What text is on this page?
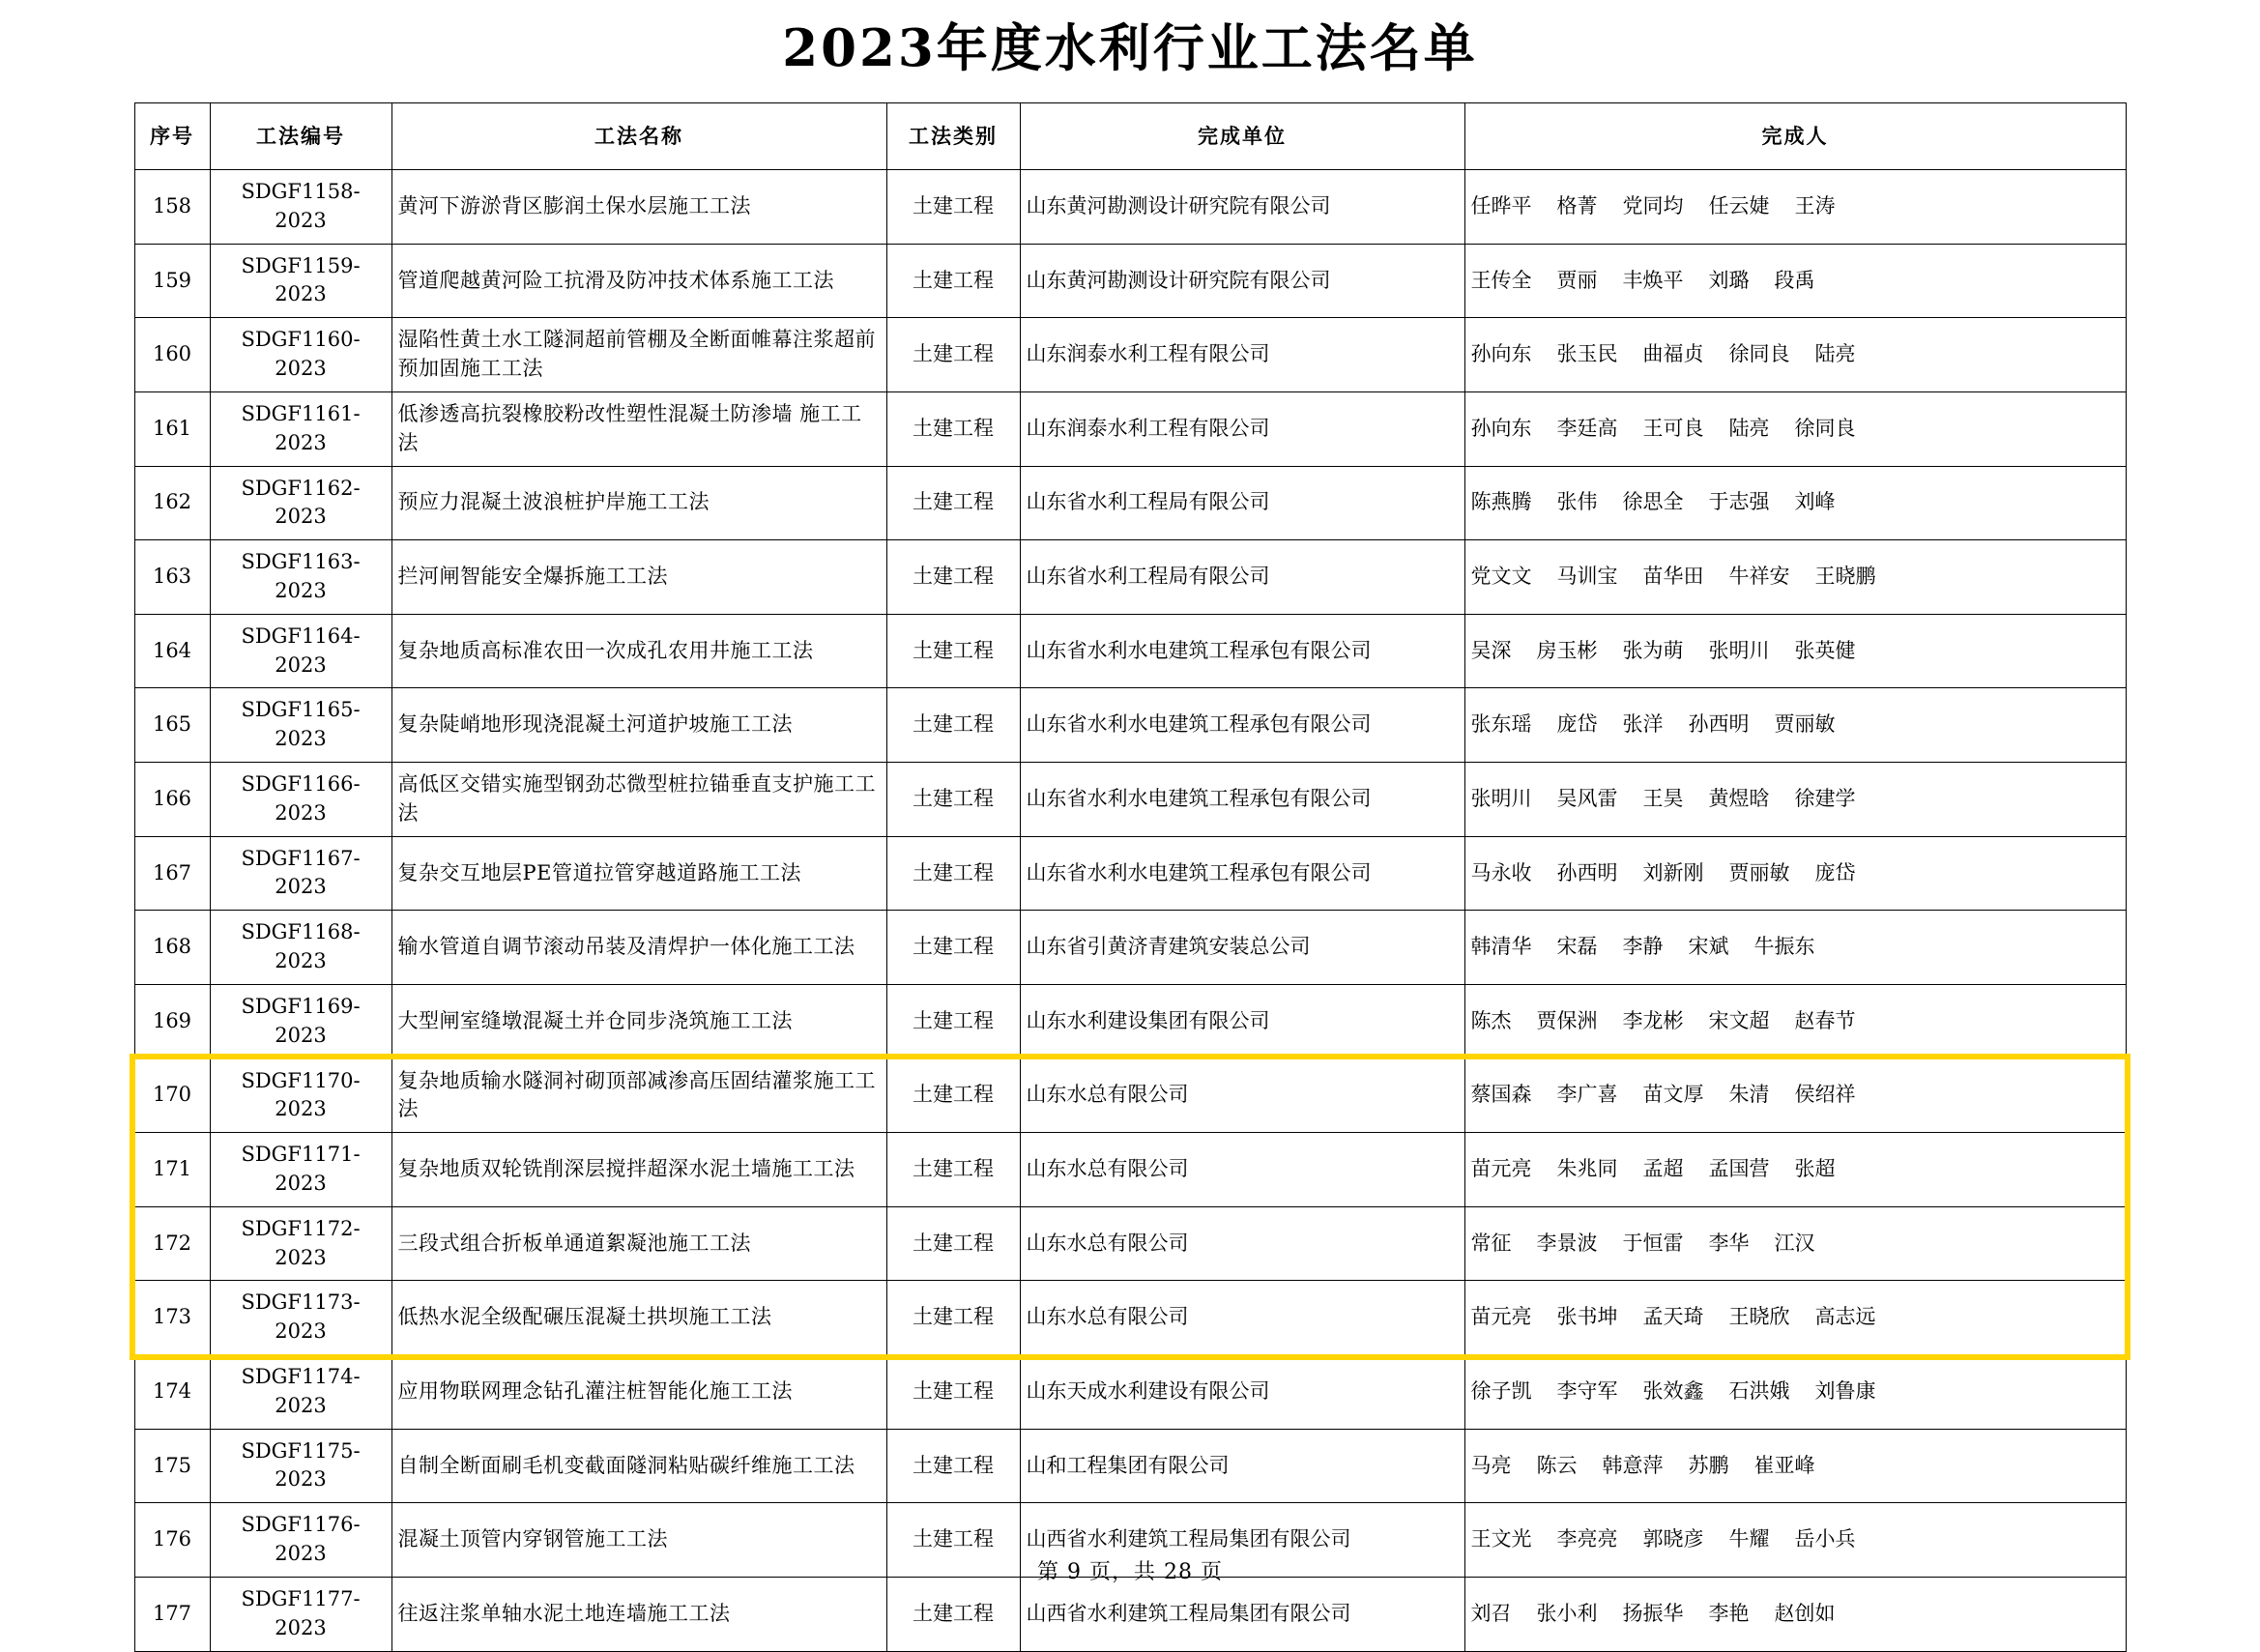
2023年度水利行业工法名单
序号	工法编号	工法名称	工法类别	完成单位	完成人
158	SDGF1158-2023	黄河下游淤背区膨润土保水层施工工法	土建工程	山东黄河勘测设计研究院有限公司	任晔平 格菁 党同均 任云婕 王涛
159	SDGF1159-2023	管道爬越黄河险工抗滑及防冲技术体系施工工法	土建工程	山东黄河勘测设计研究院有限公司	王传全 贾丽 丰焕平 刘璐 段禹
160	SDGF1160-2023	湿陷性黄土水工隧洞超前管棚及全断面帷幕注浆超前预加固施工工法	土建工程	山东润泰水利工程有限公司	孙向东 张玉民 曲福贞 徐同良 陆亮
161	SDGF1161-2023	低渗透高抗裂橡胶粉改性塑性混凝土防渗墙 施工工法	土建工程	山东润泰水利工程有限公司	孙向东 李廷高 王可良 陆亮 徐同良
162	SDGF1162-2023	预应力混凝土波浪桩护岸施工工法	土建工程	山东省水利工程局有限公司	陈燕腾 张伟 徐思全 于志强 刘峰
163	SDGF1163-2023	拦河闸智能安全爆拆施工工法	土建工程	山东省水利工程局有限公司	党文文 马训宝 苗华田 牛祥安 王晓鹏
164	SDGF1164-2023	复杂地质高标准农田一次成孔农用井施工工法	土建工程	山东省水利水电建筑工程承包有限公司	吴深 房玉彬 张为萌 张明川 张英健
165	SDGF1165-2023	复杂陡峭地形现浇混凝土河道护坡施工工法	土建工程	山东省水利水电建筑工程承包有限公司	张东瑶 庞岱 张洋 孙西明 贾丽敏
166	SDGF1166-2023	高低区交错实施型钢劲芯微型桩拉锚垂直支护施工工法	土建工程	山东省水利水电建筑工程承包有限公司	张明川 吴风雷 王昊 黄煜晗 徐建学
167	SDGF1167-2023	复杂交互地层PE管道拉管穿越道路施工工法	土建工程	山东省水利水电建筑工程承包有限公司	马永收 孙西明 刘新刚 贾丽敏 庞岱
168	SDGF1168-2023	输水管道自调节滚动吊装及清焊护一体化施工工法	土建工程	山东省引黄济青建筑安装总公司	韩清华 宋磊 李静 宋斌 牛振东
169	SDGF1169-2023	大型闸室缝墩混凝土并仓同步浇筑施工工法	土建工程	山东水利建设集团有限公司	陈杰 贾保洲 李龙彬 宋文超 赵春节
170	SDGF1170-2023	复杂地质输水隧洞衬砌顶部减渗高压固结灌浆施工工法	土建工程	山东水总有限公司	蔡国森 李广喜 苗文厚 朱清 侯绍祥
171	SDGF1171-2023	复杂地质双轮铣削深层搅拌超深水泥土墙施工工法	土建工程	山东水总有限公司	苗元亮 朱兆同 孟超 孟国营 张超
172	SDGF1172-2023	三段式组合折板单通道絮凝池施工工法	土建工程	山东水总有限公司	常征 李景波 于恒雷 李华 江汉
173	SDGF1173-2023	低热水泥全级配碾压混凝土拱坝施工工法	土建工程	山东水总有限公司	苗元亮 张书坤 孟天琦 王晓欣 高志远
174	SDGF1174-2023	应用物联网理念钻孔灌注桩智能化施工工法	土建工程	山东天成水利建设有限公司	徐子凯 李守军 张效鑫 石洪娥 刘鲁康
175	SDGF1175-2023	自制全断面刷毛机变截面隧洞粘贴碳纤维施工工法	土建工程	山和工程集团有限公司	马亮 陈云 韩意萍 苏鹏 崔亚峰
176	SDGF1176-2023	混凝土顶管内穿钢管施工工法	土建工程	山西省水利建筑工程局集团有限公司	王文光 李亮亮 郭晓彦 牛耀 岳小兵
177	SDGF1177-2023	往返注浆单轴水泥土地连墙施工工法	土建工程	山西省水利建筑工程局集团有限公司	刘召 张小利 扬振华 李艳 赵创如
第 9 页，共 28 页
